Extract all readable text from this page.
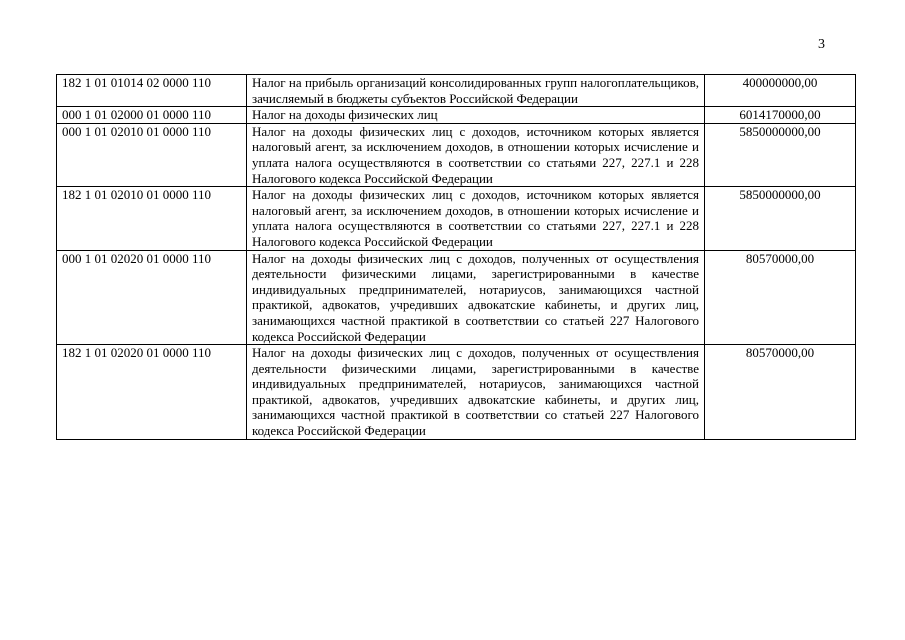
3
182 1 01 01014 02 0000 110	Налог на прибыль организаций консолидированных групп налогоплательщиков, зачисляемый в бюджеты субъектов Российской Федерации	400000000,00
000 1 01 02000 01 0000 110	Налог на доходы физических лиц	6014170000,00
000 1 01 02010 01 0000 110	Налог на доходы физических лиц с доходов, источником которых является налоговый агент, за исключением доходов, в отношении которых исчисление и уплата налога осуществляются в соответствии со статьями 227, 227.1 и 228 Налогового кодекса Российской Федерации	5850000000,00
182 1 01 02010 01 0000 110	Налог на доходы физических лиц с доходов, источником которых является налоговый агент, за исключением доходов, в отношении которых исчисление и уплата налога осуществляются в соответствии со статьями 227, 227.1 и 228 Налогового кодекса Российской Федерации	5850000000,00
000 1 01 02020 01 0000 110	Налог на доходы физических лиц с доходов, полученных от осуществления деятельности физическими лицами, зарегистрированными в качестве индивидуальных предпринимателей, нотариусов, занимающихся частной практикой, адвокатов, учредивших адвокатские кабинеты, и других лиц, занимающихся частной практикой в соответствии со статьей 227 Налогового кодекса Российской Федерации	80570000,00
182 1 01 02020 01 0000 110	Налог на доходы физических лиц с доходов, полученных от осуществления деятельности физическими лицами, зарегистрированными в качестве индивидуальных предпринимателей, нотариусов, занимающихся частной практикой, адвокатов, учредивших адвокатские кабинеты, и других лиц, занимающихся частной практикой в соответствии со статьей 227 Налогового кодекса Российской Федерации	80570000,00
